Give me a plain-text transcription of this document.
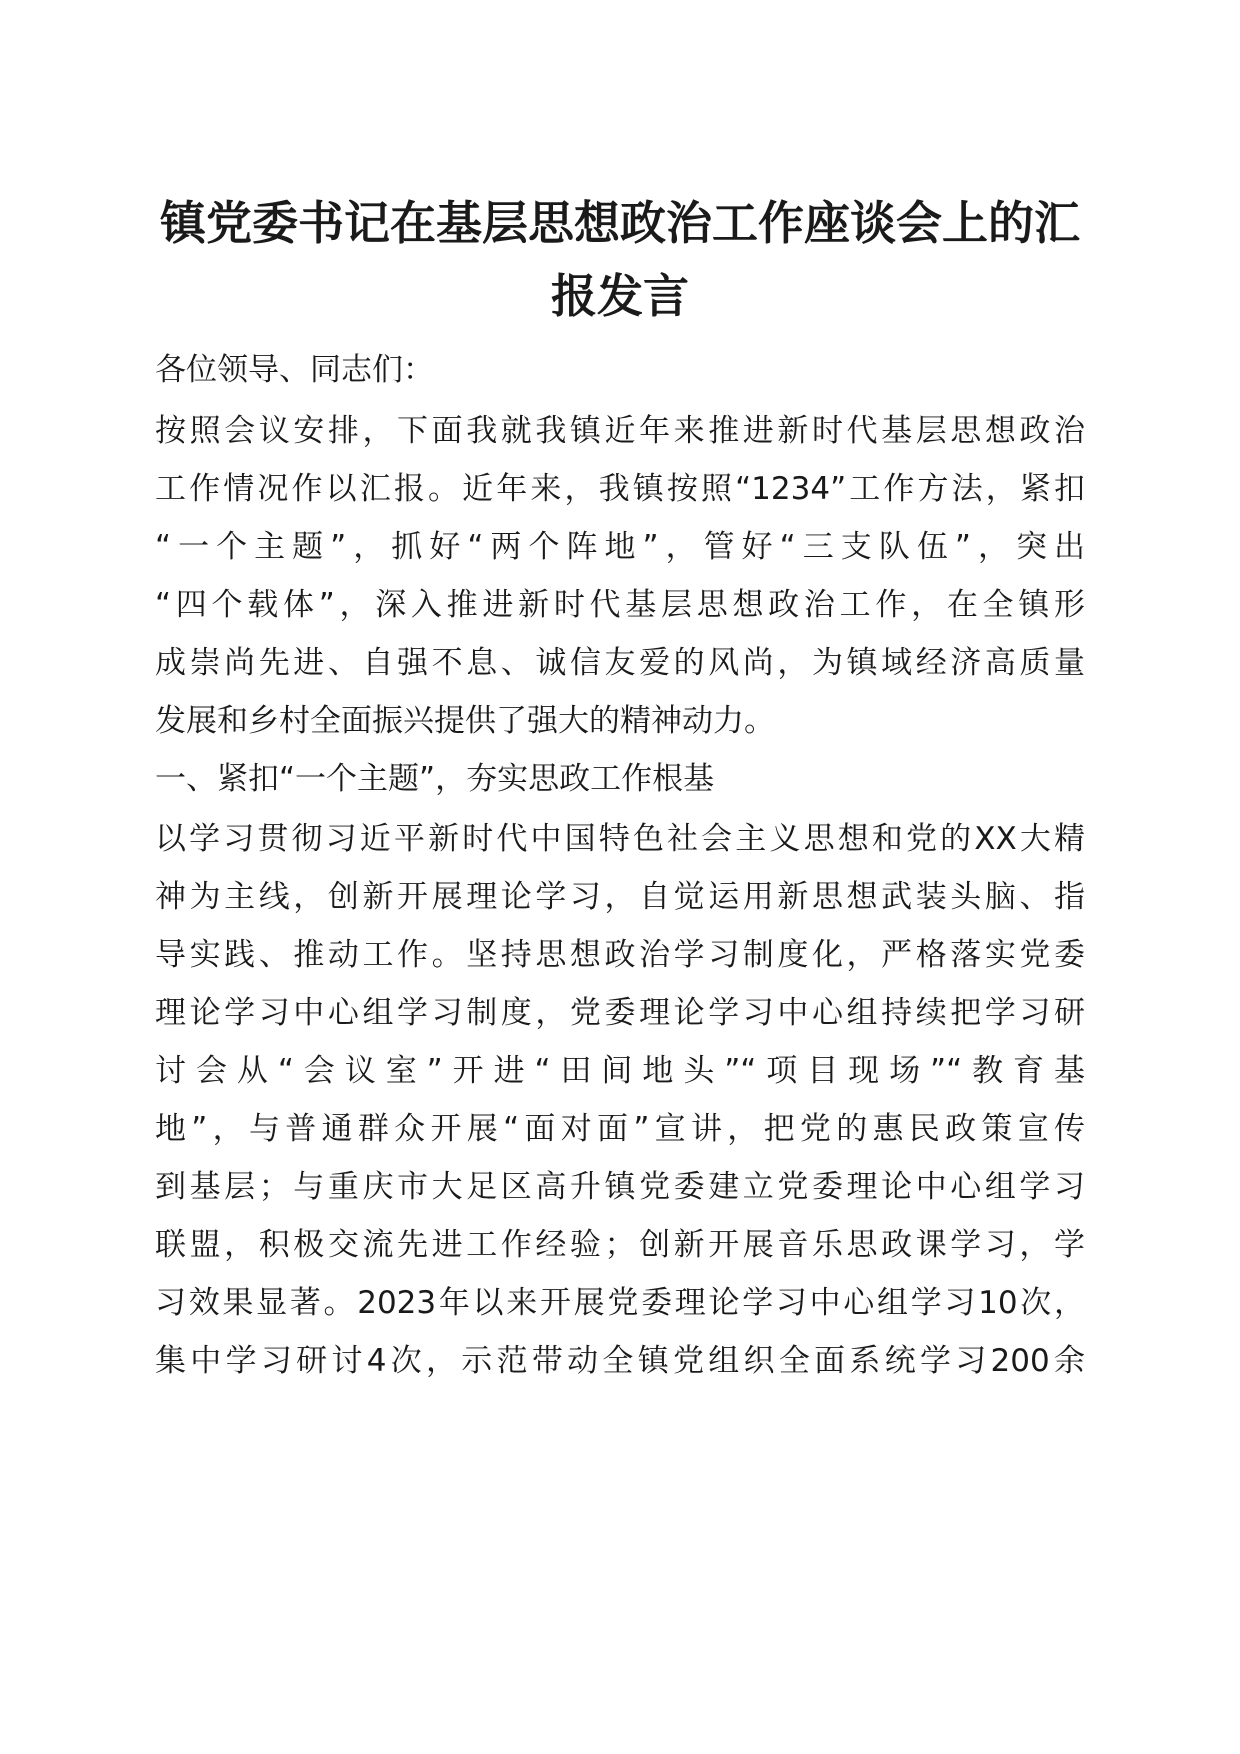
镇党委书记在基层思想政治工作座谈会上的汇
报发言

各位领导、同志们：

按照会议安排，下面我就我镇近年来推进新时代基层思想政治

工作情况作以汇报。近年来，我镇按照“1234”工作方法，紧扣

“一个主题”，抓好“两个阵地”，管好“三支队伍”，突出

“四个载体”，深入推进新时代基层思想政治工作，在全镇形

成崇尚先进、自强不息、诚信友爱的风尚，为镇域经济高质量

发展和乡村全面振兴提供了强大的精神动力。

一、紧扣“一个主题”，夯实思政工作根基

以学习贯彻习近平新时代中国特色社会主义思想和党的XX大精

神为主线，创新开展理论学习，自觉运用新思想武装头脑、指

导实践、推动工作。坚持思想政治学习制度化，严格落实党委

理论学习中心组学习制度，党委理论学习中心组持续把学习研

讨会从“会议室”开进“田间地头”“项目现场”“教育基

地”，与普通群众开展“面对面”宣讲，把党的惠民政策宣传

到基层；与重庆市大足区高升镇党委建立党委理论中心组学习

联盟，积极交流先进工作经验；创新开展音乐思政课学习，学

习效果显著。2023年以来开展党委理论学习中心组学习10次，

集中学习研讨4次，示范带动全镇党组织全面系统学习200余
